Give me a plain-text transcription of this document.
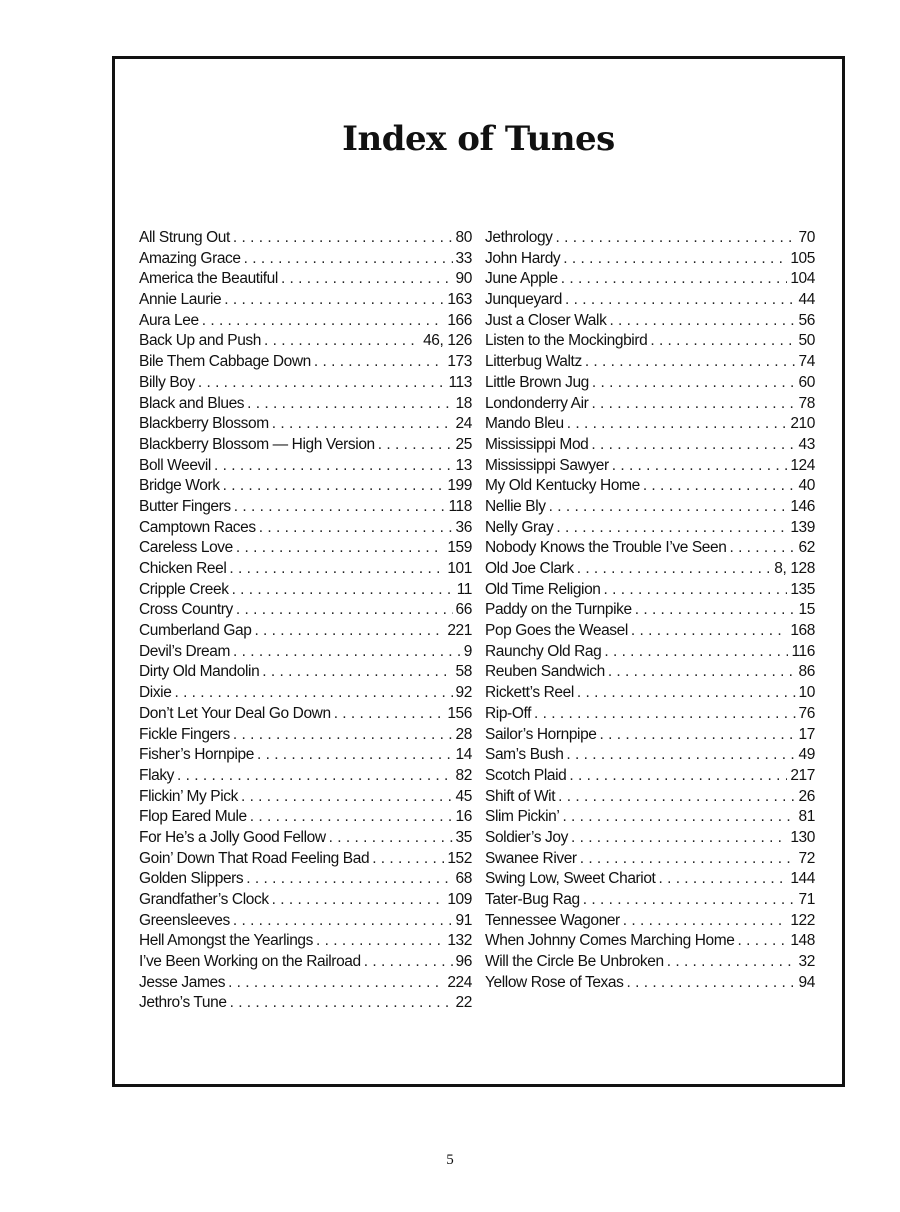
Index of Tunes
All Strung Out . . .	80
Amazing Grace . . .	33
America the Beautiful . . .	90
Annie Laurie . . .	163
Aura Lee . . .	166
Back Up and Push . . .	46, 126
Bile Them Cabbage Down . . .	173
Billy Boy . . .	113
Black and Blues . . .	18
Blackberry Blossom . . .	24
Blackberry Blossom — High Version . . .	25
Boll Weevil . . .	13
Bridge Work . . .	199
Butter Fingers . . .	118
Camptown Races . . .	36
Careless Love . . .	159
Chicken Reel . . .	101
Cripple Creek . . .	11
Cross Country . . .	66
Cumberland Gap . . .	221
Devil’s Dream . . .	9
Dirty Old Mandolin . . .	58
Dixie . . .	92
Don’t Let Your Deal Go Down . . .	156
Fickle Fingers . . .	28
Fisher’s Hornpipe . . .	14
Flaky . . .	82
Flickin’ My Pick . . .	45
Flop Eared Mule . . .	16
For He’s a Jolly Good Fellow . . .	35
Goin’ Down That Road Feeling Bad . . .	152
Golden Slippers . . .	68
Grandfather’s Clock . . .	109
Greensleeves . . .	91
Hell Amongst the Yearlings . . .	132
I’ve Been Working on the Railroad . . .	96
Jesse James . . .	224
Jethro’s Tune . . .	22
Jethrology . . .	70
John Hardy . . .	105
June Apple . . .	104
Junqueyard . . .	44
Just a Closer Walk . . .	56
Listen to the Mockingbird . . .	50
Litterbug Waltz . . .	74
Little Brown Jug . . .	60
Londonderry Air . . .	78
Mando Bleu . . .	210
Mississippi Mod . . .	43
Mississippi Sawyer . . .	124
My Old Kentucky Home . . .	40
Nellie Bly . . .	146
Nelly Gray . . .	139
Nobody Knows the Trouble I’ve Seen . . .	62
Old Joe Clark . . .	8, 128
Old Time Religion . . .	135
Paddy on the Turnpike . . .	15
Pop Goes the Weasel . . .	168
Raunchy Old Rag . . .	116
Reuben Sandwich . . .	86
Rickett’s Reel . . .	10
Rip-Off . . .	76
Sailor’s Hornpipe . . .	17
Sam’s Bush . . .	49
Scotch Plaid . . .	217
Shift of Wit . . .	26
Slim Pickin’ . . .	81
Soldier’s Joy . . .	130
Swanee River . . .	72
Swing Low, Sweet Chariot . . .	144
Tater-Bug Rag . . .	71
Tennessee Wagoner . . .	122
When Johnny Comes Marching Home . . .	148
Will the Circle Be Unbroken . . .	32
Yellow Rose of Texas . . .	94
5
